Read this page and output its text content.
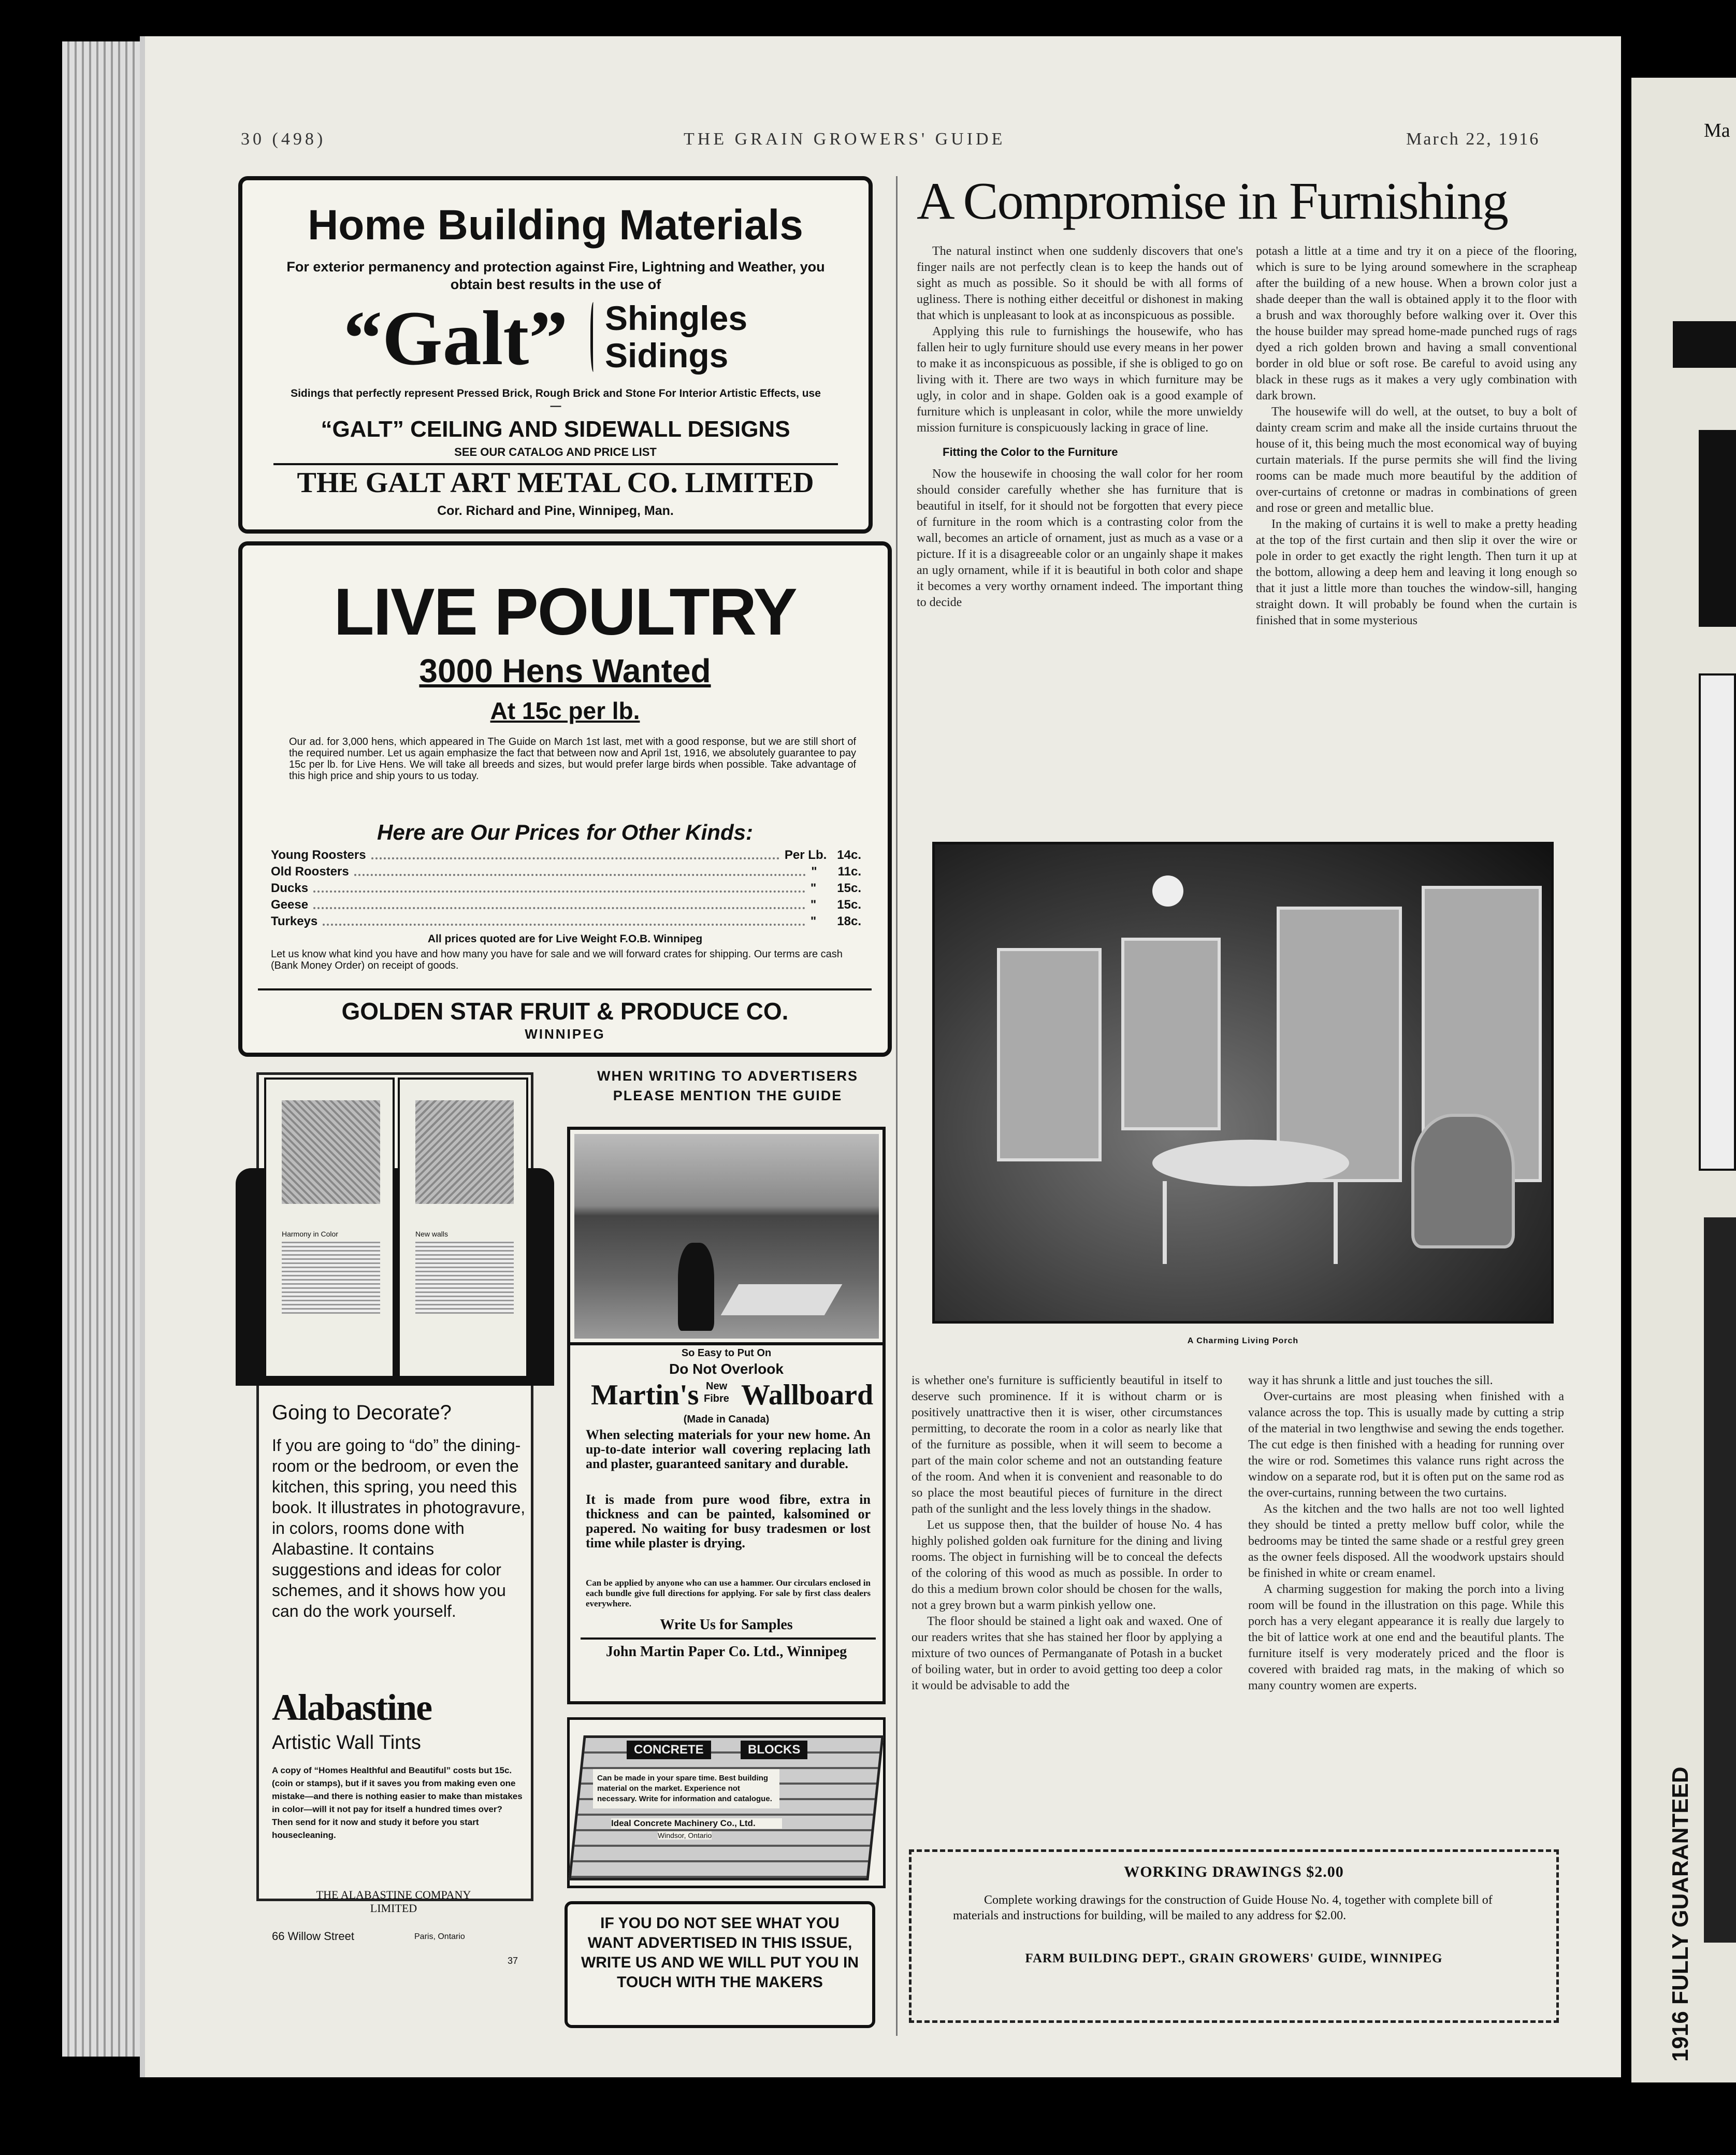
Ma
1916 FULLY GUARANTEED
30 (498)	THE GRAIN GROWERS' GUIDE	March 22, 1916
Home Building Materials
For exterior permanency and protection against Fire, Lightning and Weather, you obtain best results in the use of
“Galt” Shingles
Sidings
Sidings that perfectly represent Pressed Brick, Rough Brick and Stone For Interior Artistic Effects, use—
“GALT” CEILING AND SIDEWALL DESIGNS
SEE OUR CATALOG AND PRICE LIST
THE GALT ART METAL CO. LIMITED
Cor. Richard and Pine, Winnipeg, Man.
LIVE POULTRY
3000 Hens Wanted
At 15c per lb.
Our ad. for 3,000 hens, which appeared in The Guide on March 1st last, met with a good response, but we are still short of the required number. Let us again emphasize the fact that between now and April 1st, 1916, we absolutely guarantee to pay 15c per lb. for Live Hens. We will take all breeds and sizes, but would prefer large birds when possible. Take advantage of this high price and ship yours to us today.
Here are Our Prices for Other Kinds:
Young Roosters	Per Lb. 14c.
Old Roosters	" 11c.
Ducks	" 15c.
Geese	" 15c.
Turkeys	" 18c.
All prices quoted are for Live Weight F.O.B. Winnipeg
Let us know what kind you have and how many you have for sale and we will forward crates for shipping. Our terms are cash (Bank Money Order) on receipt of goods.
GOLDEN STAR FRUIT & PRODUCE CO.
WINNIPEG
Harmony in Color	New walls
Going to Decorate?
If you are going to “do” the dining-room or the bedroom, or even the kitchen, this spring, you need this book. It illustrates in photogravure, in colors, rooms done with Alabastine. It contains suggestions and ideas for color schemes, and it shows how you can do the work yourself.
Alabastine
Artistic Wall Tints
A copy of “Homes Healthful and Beautiful” costs but 15c. (coin or stamps), but if it saves you from making even one mistake—and there is nothing easier to make than mistakes in color—will it not pay for itself a hundred times over? Then send for it now and study it before you start housecleaning.
THE ALABASTINE COMPANY LIMITED
66 Willow Street	Paris, Ontario
37
WHEN WRITING TO ADVERTISERS PLEASE MENTION THE GUIDE
So Easy to Put On
Do Not Overlook
Martin's New
Fibre Wallboard
(Made in Canada)
When selecting materials for your new home. An up-to-date interior wall covering replacing lath and plaster, guaranteed sanitary and durable.
It is made from pure wood fibre, extra in thickness and can be painted, kalsomined or papered. No waiting for busy tradesmen or lost time while plaster is drying.
Can be applied by anyone who can use a hammer. Our circulars enclosed in each bundle give full directions for applying. For sale by first class dealers everywhere.
Write Us for Samples
John Martin Paper Co. Ltd., Winnipeg
CONCRETE	BLOCKS
Can be made in your spare time. Best building material on the market. Experience not necessary. Write for information and catalogue.
Ideal Concrete Machinery Co., Ltd.
Windsor, Ontario
IF YOU DO NOT SEE WHAT YOU WANT ADVERTISED IN THIS ISSUE, WRITE US AND WE WILL PUT YOU IN TOUCH WITH THE MAKERS
A Compromise in Furnishing
The natural instinct when one suddenly discovers that one's finger nails are not perfectly clean is to keep the hands out of sight as much as possible. So it should be with all forms of ugliness. There is nothing either deceitful or dishonest in making that which is unpleasant to look at as inconspicuous as possible.
Applying this rule to furnishings the housewife, who has fallen heir to ugly furniture should use every means in her power to make it as inconspicuous as possible, if she is obliged to go on living with it. There are two ways in which furniture may be ugly, in color and in shape. Golden oak is a good example of furniture which is unpleasant in color, while the more unwieldy mission furniture is conspicuously lacking in grace of line.
Fitting the Color to the Furniture
Now the housewife in choosing the wall color for her room should consider carefully whether she has furniture that is beautiful in itself, for it should not be forgotten that every piece of furniture in the room which is a contrasting color from the wall, becomes an article of ornament, just as much as a vase or a picture. If it is a disagreeable color or an ungainly shape it makes an ugly ornament, while if it is beautiful in both color and shape it becomes a very worthy ornament indeed. The important thing to decide
potash a little at a time and try it on a piece of the flooring, which is sure to be lying around somewhere in the scrapheap after the building of a new house. When a brown color just a shade deeper than the wall is obtained apply it to the floor with a brush and wax thoroughly before walking over it. Over this the house builder may spread home-made punched rugs of rags dyed a rich golden brown and having a small conventional border in old blue or soft rose. Be careful to avoid using any black in these rugs as it makes a very ugly combination with dark brown.
The housewife will do well, at the outset, to buy a bolt of dainty cream scrim and make all the inside curtains thruout the house of it, this being much the most economical way of buying curtain materials. If the purse permits she will find the living rooms can be made much more beautiful by the addition of over-curtains of cretonne or madras in combinations of green and rose or green and metallic blue.
In the making of curtains it is well to make a pretty heading at the top of the first curtain and then slip it over the wire or pole in order to get exactly the right length. Then turn it up at the bottom, allowing a deep hem and leaving it long enough so that it just a little more than touches the window-sill, hanging straight down. It will probably be found when the curtain is finished that in some mysterious
A Charming Living Porch
is whether one's furniture is sufficiently beautiful in itself to deserve such prominence. If it is without charm or is positively unattractive then it is wiser, other circumstances permitting, to decorate the room in a color as nearly like that of the furniture as possible, when it will seem to become a part of the main color scheme and not an outstanding feature of the room. And when it is convenient and reasonable to do so place the most beautiful pieces of furniture in the direct path of the sunlight and the less lovely things in the shadow.
Let us suppose then, that the builder of house No. 4 has highly polished golden oak furniture for the dining and living rooms. The object in furnishing will be to conceal the defects of the coloring of this wood as much as possible. In order to do this a medium brown color should be chosen for the walls, not a grey brown but a warm pinkish yellow one.
The floor should be stained a light oak and waxed. One of our readers writes that she has stained her floor by applying a mixture of two ounces of Permanganate of Potash in a bucket of boiling water, but in order to avoid getting too deep a color it would be advisable to add the
way it has shrunk a little and just touches the sill.
Over-curtains are most pleasing when finished with a valance across the top. This is usually made by cutting a strip of the material in two lengthwise and sewing the ends together. The cut edge is then finished with a heading for running over the wire or rod. Sometimes this valance runs right across the window on a separate rod, but it is often put on the same rod as the over-curtains, running between the two curtains.
As the kitchen and the two halls are not too well lighted they should be tinted a pretty mellow buff color, while the bedrooms may be tinted the same shade or a restful grey green as the owner feels disposed. All the woodwork upstairs should be finished in white or cream enamel.
A charming suggestion for making the porch into a living room will be found in the illustration on this page. While this porch has a very elegant appearance it is really due largely to the bit of lattice work at one end and the beautiful plants. The furniture itself is very moderately priced and the floor is covered with braided rag mats, in the making of which so many country women are experts.
WORKING DRAWINGS $2.00
Complete working drawings for the construction of Guide House No. 4, together with complete bill of materials and instructions for building, will be mailed to any address for $2.00.
FARM BUILDING DEPT., GRAIN GROWERS' GUIDE, WINNIPEG
